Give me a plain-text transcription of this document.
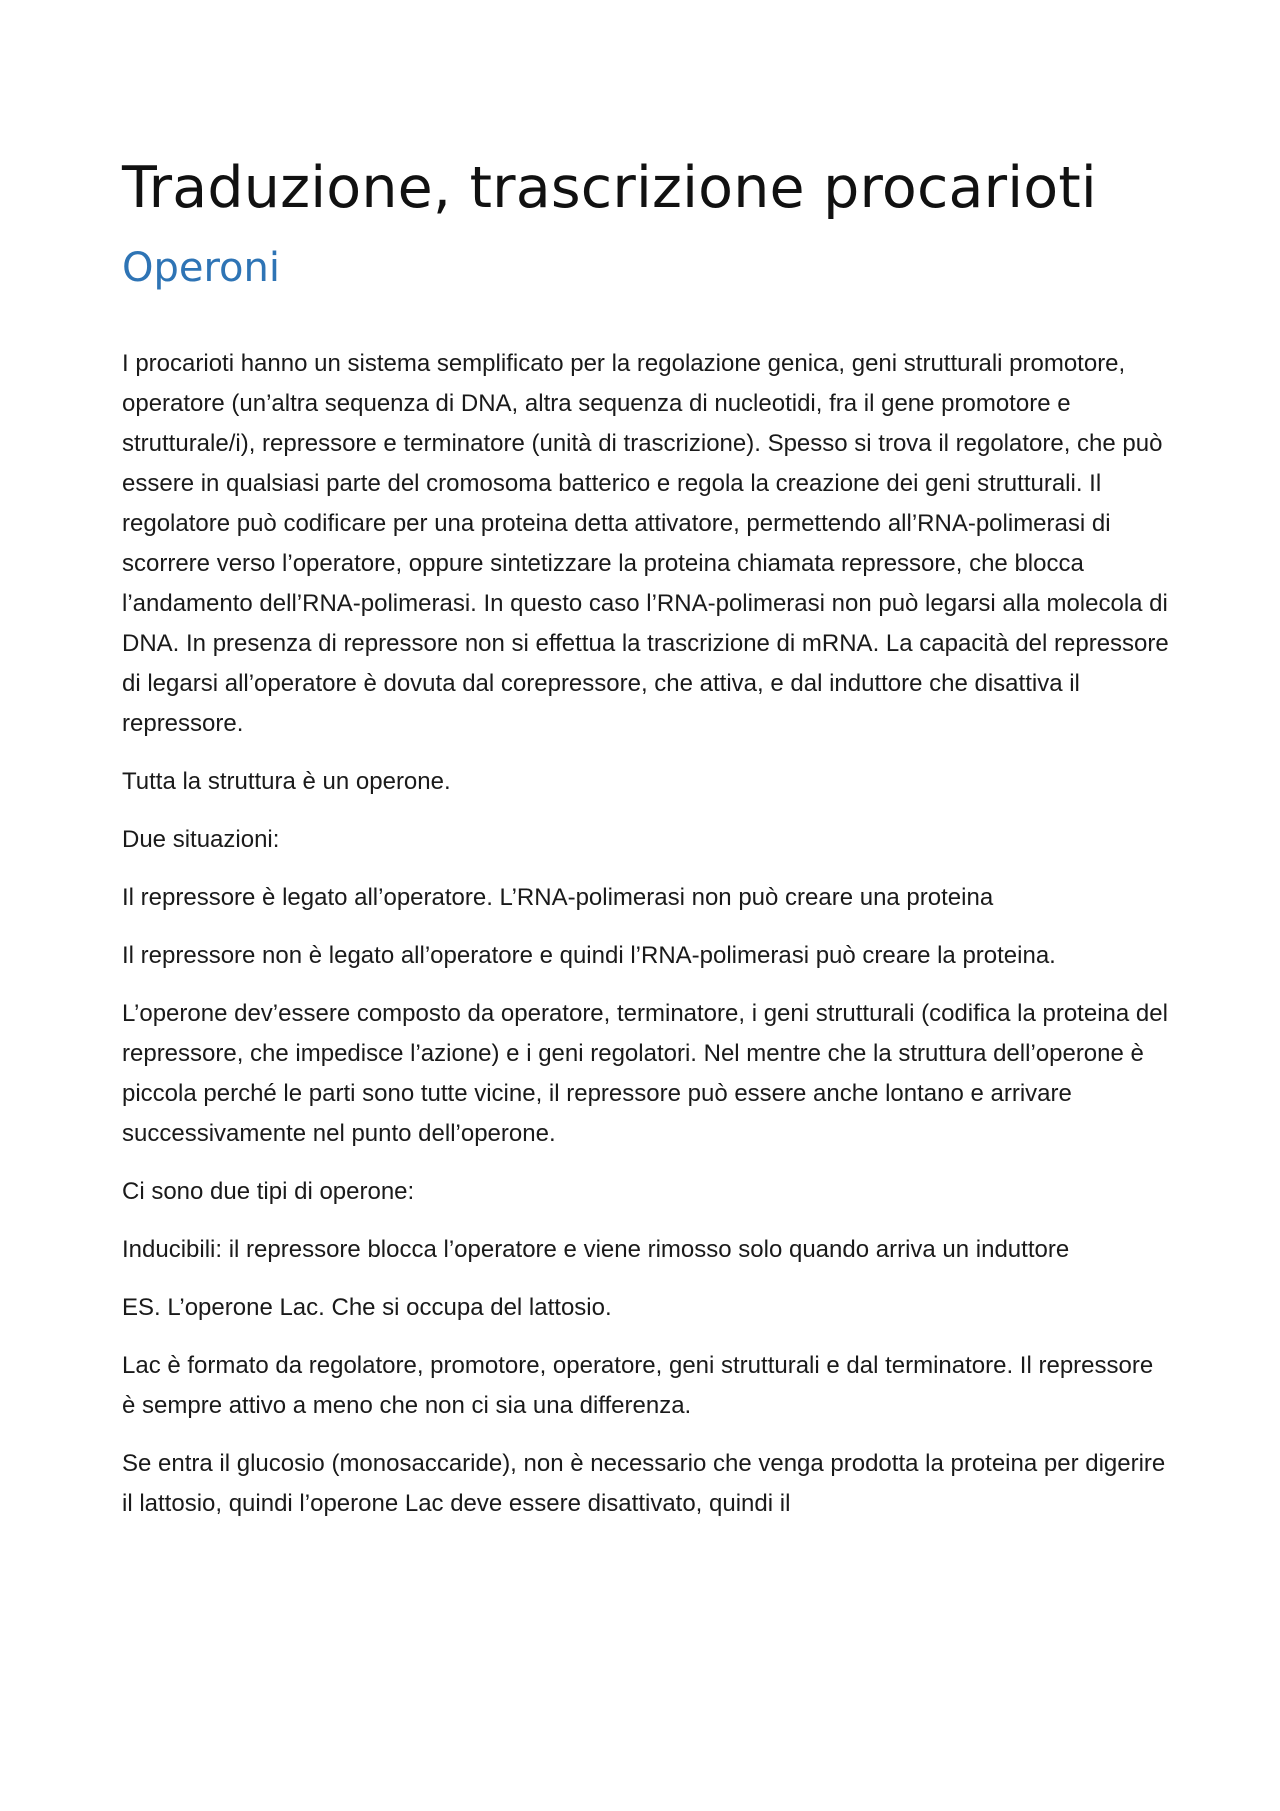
Traduzione, trascrizione procarioti
Operoni

I procarioti hanno un sistema semplificato per la regolazione genica, geni strutturali promotore, operatore (un’altra sequenza di DNA, altra sequenza di nucleotidi, fra il gene promotore e strutturale/i), repressore e terminatore (unità di trascrizione). Spesso si trova il regolatore, che può essere in qualsiasi parte del cromosoma batterico e regola la creazione dei geni strutturali. Il regolatore può codificare per una proteina detta attivatore, permettendo all’RNA-polimerasi di scorrere verso l’operatore, oppure sintetizzare la proteina chiamata repressore, che blocca l’andamento dell’RNA-polimerasi. In questo caso l’RNA-polimerasi non può legarsi alla molecola di DNA. In presenza di repressore non si effettua la trascrizione di mRNA. La capacità del repressore di legarsi all’operatore è dovuta dal corepressore, che attiva, e dal induttore che disattiva il repressore.

Tutta la struttura è un operone.

Due situazioni:

Il repressore è legato all’operatore. L’RNA-polimerasi non può creare una proteina

Il repressore non è legato all’operatore e quindi l’RNA-polimerasi può creare la proteina.

L’operone dev’essere composto da operatore, terminatore, i geni strutturali (codifica la proteina del repressore, che impedisce l’azione) e i geni regolatori. Nel mentre che la struttura dell’operone è piccola perché le parti sono tutte vicine, il repressore può essere anche lontano e arrivare successivamente nel punto dell’operone.

Ci sono due tipi di operone:

Inducibili: il repressore blocca l’operatore e viene rimosso solo quando arriva un induttore

ES. L’operone Lac. Che si occupa del lattosio.

Lac è formato da regolatore, promotore, operatore, geni strutturali e dal terminatore. Il repressore è sempre attivo a meno che non ci sia una differenza.

Se entra il glucosio (monosaccaride), non è necessario che venga prodotta la proteina per digerire il lattosio, quindi l’operone Lac deve essere disattivato, quindi il
